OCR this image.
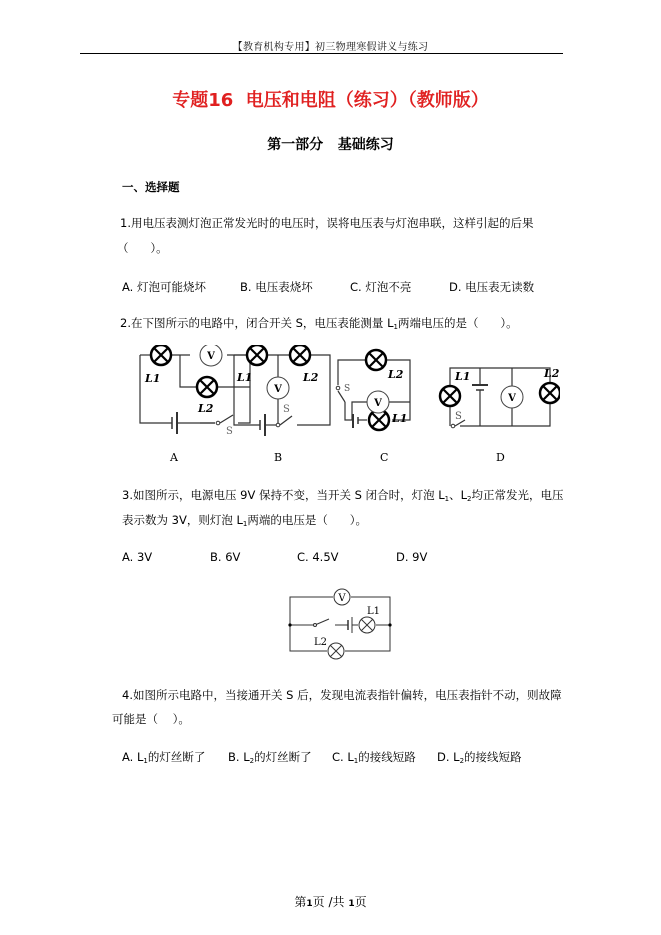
【教育机构专用】初三物理寒假讲义与练习
专题16  电压和电阻（练习）（教师版）
第一部分   基础练习
一、选择题
1.用电压表测灯泡正常发光时的电压时，误将电压表与灯泡串联，这样引起的后果
（      ）。
A. 灯泡可能烧坏	B. 电压表烧坏	C. 灯泡不亮	D. 电压表无读数
2.在下图所示的电路中，闭合开关 S，电压表能测量 $L_1$两端电压的是（      ）。
V
L1
L2
S
V
L1	L2
S
V
L2
L1
S
V
L1	L2
S
A	B	C	D
3.如图所示，电源电压 9V 保持不变，当开关 S 闭合时，灯泡 $L_1$、$L_2$均正常发光，电压
表示数为 3V，则灯泡 $L_1$两端的电压是（      ）。
A. 3V	B. 6V	C. 4.5V	D. 9V
V
L1
L2
4.如图所示电路中，当接通开关 S 后，发现电流表指针偏转，电压表指针不动，则故障
可能是（    ）。
A. $L_1$的灯丝断了 B. $L_2$的灯丝断了 C. $L_1$的接线短路 D. $L_2$的接线短路
第1页 /共 1页
